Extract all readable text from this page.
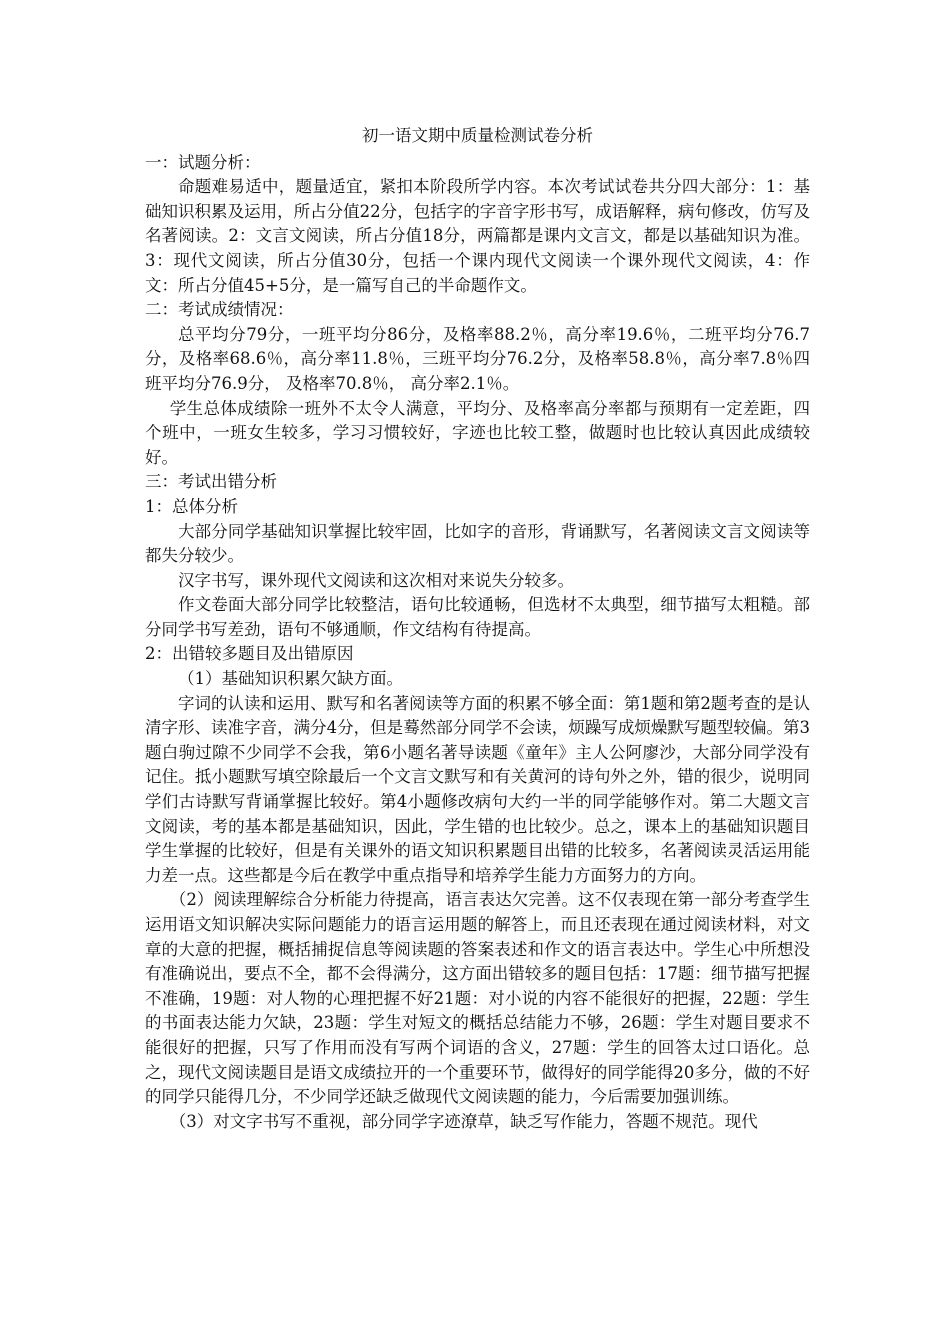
初一语文期中质量检测试卷分析
一：试题分析：
命题难易适中，题量适宜，紧扣本阶段所学内容。本次考试试卷共分四大部分：1：基础知识积累及运用，所占分值22分，包括字的字音字形书写，成语解释，病句修改，仿写及名著阅读。2：文言文阅读，所占分值18分，两篇都是课内文言文，都是以基础知识为准。3：现代文阅读，所占分值30分，包括一个课内现代文阅读一个课外现代文阅读，4：作文：所占分值45+5分，是一篇写自己的半命题作文。
二：考试成绩情况：
总平均分79分，一班平均分86分，及格率88.2％，高分率19.6％，二班平均分76.7分，及格率68.6％，高分率11.8％，三班平均分76.2分，及格率58.8％，高分率7.8％四班平均分76.9分， 及格率70.8％， 高分率2.1％。
学生总体成绩除一班外不太令人满意，平均分、及格率高分率都与预期有一定差距，四个班中，一班女生较多，学习习惯较好，字迹也比较工整，做题时也比较认真因此成绩较好。
三：考试出错分析
1：总体分析
大部分同学基础知识掌握比较牢固，比如字的音形，背诵默写，名著阅读文言文阅读等都失分较少。
汉字书写，课外现代文阅读和这次相对来说失分较多。
作文卷面大部分同学比较整洁，语句比较通畅，但选材不太典型，细节描写太粗糙。部分同学书写差劲，语句不够通顺，作文结构有待提高。
2：出错较多题目及出错原因
（1）基础知识积累欠缺方面。
字词的认读和运用、默写和名著阅读等方面的积累不够全面：第1题和第2题考查的是认清字形、读准字音，满分4分，但是蓦然部分同学不会读，烦躁写成烦燥默写题型较偏。第3题白驹过隙不少同学不会我，第6小题名著导读题《童年》主人公阿廖沙，大部分同学没有记住。抵小题默写填空除最后一个文言文默写和有关黄河的诗句外之外，错的很少，说明同学们古诗默写背诵掌握比较好。第4小题修改病句大约一半的同学能够作对。第二大题文言文阅读，考的基本都是基础知识，因此，学生错的也比较少。总之，课本上的基础知识题目学生掌握的比较好，但是有关课外的语文知识积累题目出错的比较多，名著阅读灵活运用能力差一点。这些都是今后在教学中重点指导和培养学生能力方面努力的方向。
（2）阅读理解综合分析能力待提高，语言表达欠完善。这不仅表现在第一部分考查学生运用语文知识解决实际问题能力的语言运用题的解答上，而且还表现在通过阅读材料，对文章的大意的把握，概括捕捉信息等阅读题的答案表述和作文的语言表达中。学生心中所想没有准确说出，要点不全，都不会得满分，这方面出错较多的题目包括：17题：细节描写把握不准确，19题：对人物的心理把握不好21题：对小说的内容不能很好的把握，22题：学生的书面表达能力欠缺，23题：学生对短文的概括总结能力不够，26题：学生对题目要求不能很好的把握，只写了作用而没有写两个词语的含义，27题：学生的回答太过口语化。总之，现代文阅读题目是语文成绩拉开的一个重要环节，做得好的同学能得20多分，做的不好的同学只能得几分，不少同学还缺乏做现代文阅读题的能力，今后需要加强训练。
（3）对文字书写不重视，部分同学字迹潦草，缺乏写作能力，答题不规范。现代
